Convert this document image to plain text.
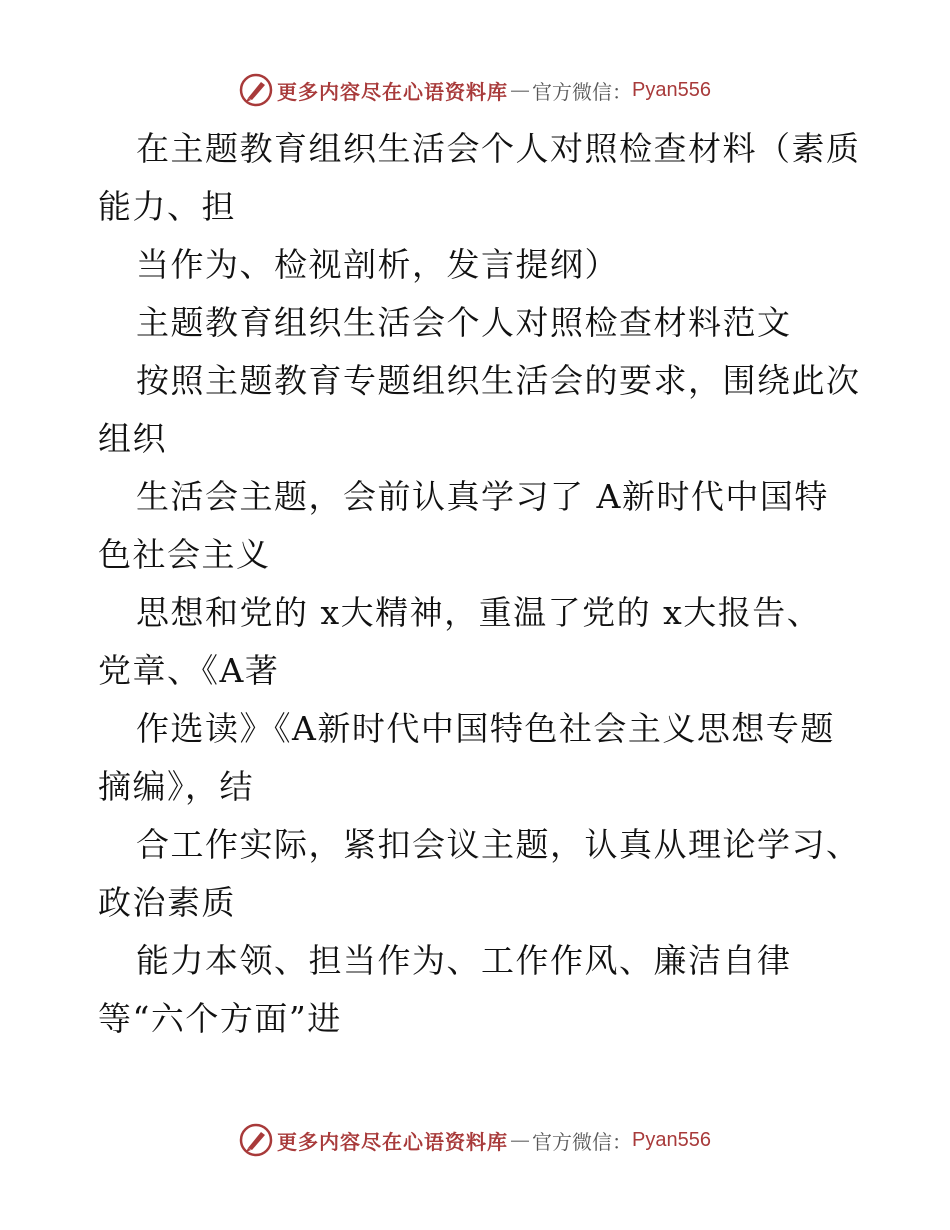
更多内容尽在心语资料库 — 官方微信： Pyan556
在主题教育组织生活会个人对照检查材料（素质
能力、担
当作为、检视剖析，发言提纲）
主题教育组织生活会个人对照检查材料范文
按照主题教育专题组织生活会的要求，围绕此次
组织
生活会主题，会前认真学习了 A新时代中国特
色社会主义
思想和党的 x大精神，重温了党的 x大报告、
党章、《A著
作选读》《A新时代中国特色社会主义思想专题
摘编》，结
合工作实际，紧扣会议主题，认真从理论学习、
政治素质
能力本领、担当作为、工作作风、廉洁自律
等“六个方面”进
更多内容尽在心语资料库 — 官方微信： Pyan556
